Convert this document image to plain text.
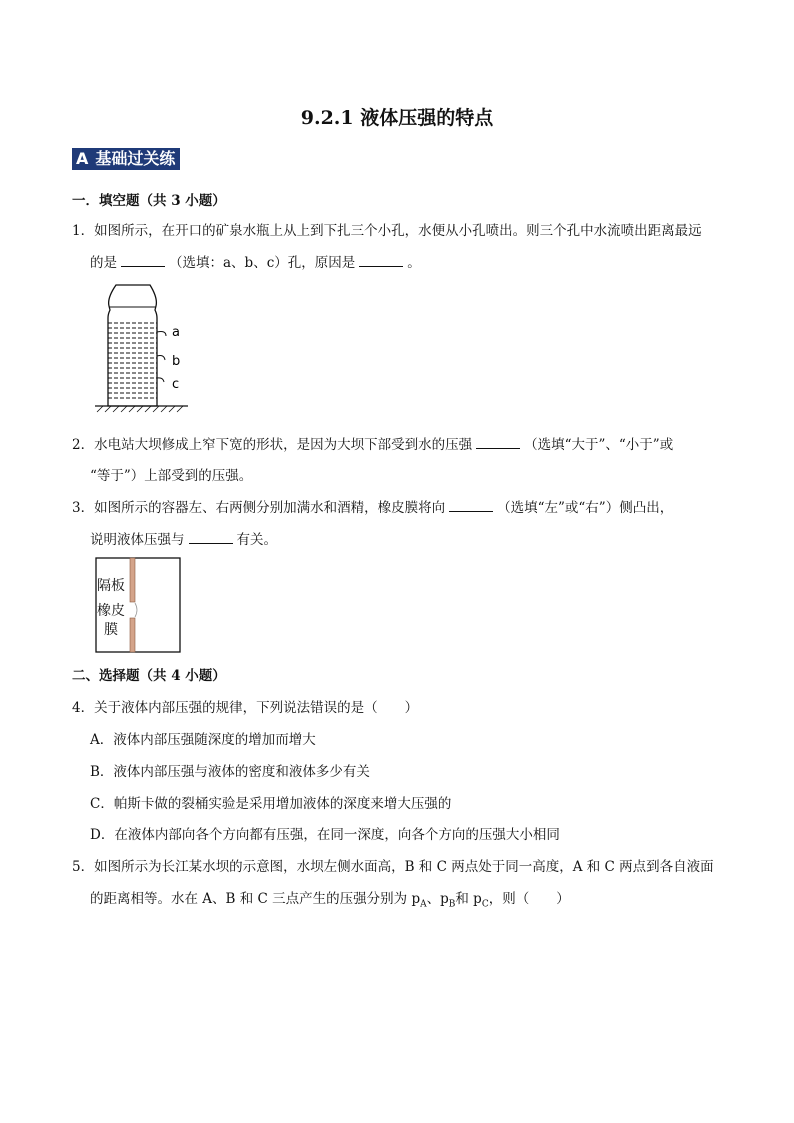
9.2.1 液体压强的特点
A 基础过关练
一．填空题（共 3 小题）
1．如图所示，在开口的矿泉水瓶上从上到下扎三个小孔，水便从小孔喷出。则三个孔中水流喷出距离最远
的是	（选填：a、b、c）孔，原因是	。
a
b
c
2．水电站大坝修成上窄下宽的形状，是因为大坝下部受到水的压强	（选填“大于”、“小于”或
“等于”）上部受到的压强。
3．如图所示的容器左、右两侧分别加满水和酒精，橡皮膜将向	（选填“左”或“右”）侧凸出，
说明液体压强与	有关。
隔板
橡皮
膜
二、选择题（共 4 小题）
4．关于液体内部压强的规律，下列说法错误的是（　　）
A．液体内部压强随深度的增加而增大
B．液体内部压强与液体的密度和液体多少有关
C．帕斯卡做的裂桶实验是采用增加液体的深度来增大压强的
D．在液体内部向各个方向都有压强，在同一深度，向各个方向的压强大小相同
5．如图所示为长江某水坝的示意图，水坝左侧水面高，B 和 C 两点处于同一高度，A 和 C 两点到各自液面
的距离相等。水在 A、B 和 C 三点产生的压强分别为 $p_A$、$p_B$和 $p_C$，则（　　）
